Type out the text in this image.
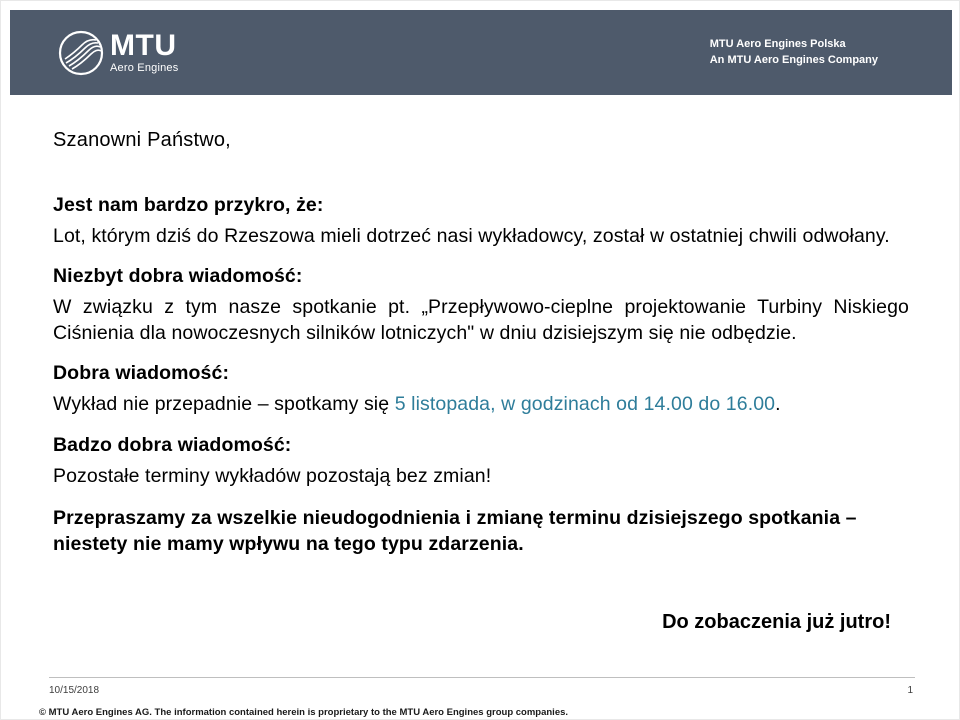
MTU
Aero Engines
MTU Aero Engines Polska
An MTU Aero Engines Company
Szanowni Państwo,
Jest nam bardzo przykro, że:
Lot, którym dziś do Rzeszowa mieli dotrzeć nasi wykładowcy, został w ostatniej chwili odwołany.
Niezbyt dobra wiadomość:
W związku z tym nasze spotkanie pt. „Przepływowo-cieplne projektowanie Turbiny Niskiego Ciśnienia dla nowoczesnych silników lotniczych" w dniu dzisiejszym się nie odbędzie.
Dobra wiadomość:
Wykład nie przepadnie – spotkamy się 5 listopada, w godzinach od 14.00 do 16.00.
Badzo dobra wiadomość:
Pozostałe terminy wykładów pozostają bez zmian!
Przepraszamy za wszelkie nieudogodnienia i zmianę terminu dzisiejszego spotkania – niestety nie mamy wpływu na tego typu zdarzenia.
Do zobaczenia już jutro!
10/15/2018	1
© MTU Aero Engines AG. The information contained herein is proprietary to the MTU Aero Engines group companies.
